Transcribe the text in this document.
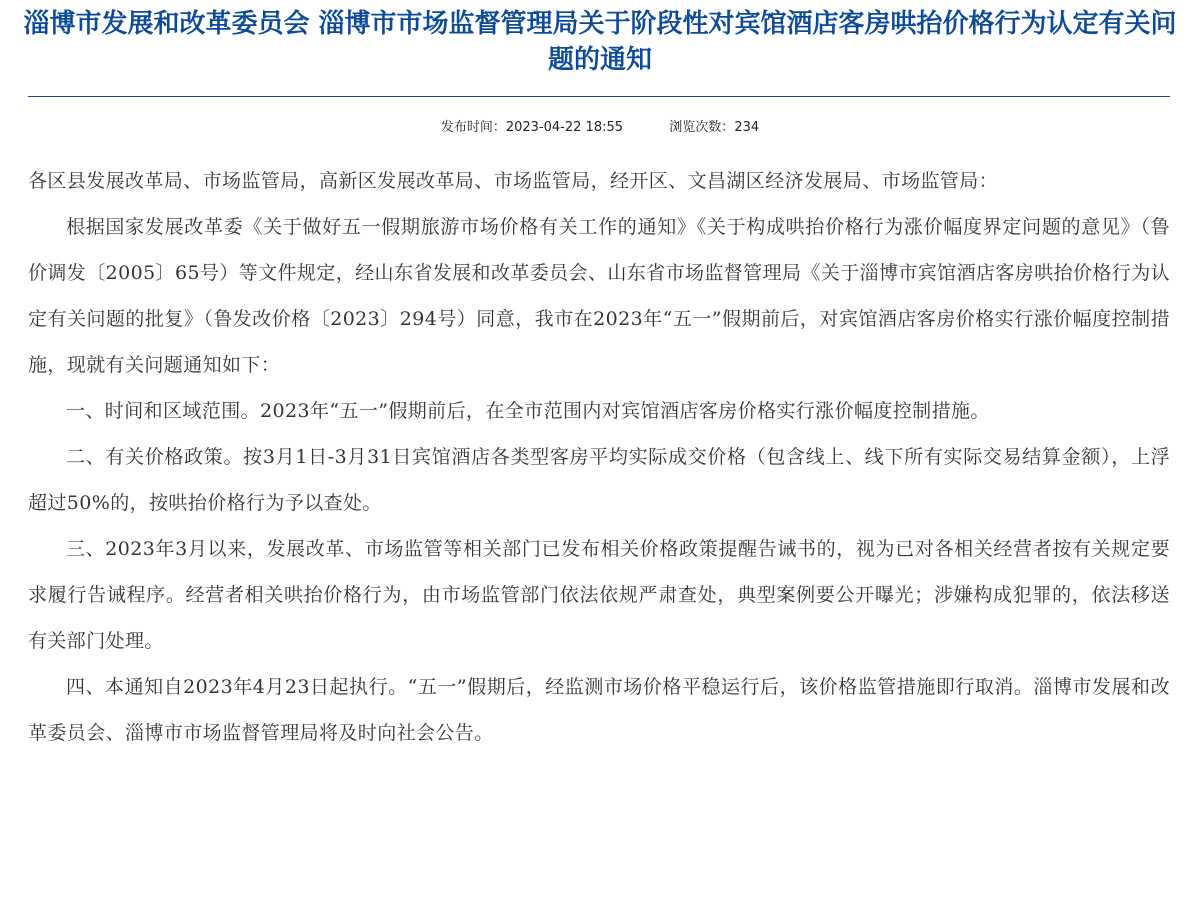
淄博市发展和改革委员会 淄博市市场监督管理局关于阶段性对宾馆酒店客房哄抬价格行为认定有关问题的通知
发布时间：2023-04-22 18:55	浏览次数：234

各区县发展改革局、市场监管局，高新区发展改革局、市场监管局，经开区、文昌湖区经济发展局、市场监管局：

根据国家发展改革委《关于做好五一假期旅游市场价格有关工作的通知》《关于构成哄抬价格行为涨价幅度界定问题的意见》（鲁价调发〔2005〕65号）等文件规定，经山东省发展和改革委员会、山东省市场监督管理局《关于淄博市宾馆酒店客房哄抬价格行为认定有关问题的批复》（鲁发改价格〔2023〕294号）同意，我市在2023年“五一”假期前后，对宾馆酒店客房价格实行涨价幅度控制措施，现就有关问题通知如下：

一、时间和区域范围。2023年“五一”假期前后，在全市范围内对宾馆酒店客房价格实行涨价幅度控制措施。

二、有关价格政策。按3月1日-3月31日宾馆酒店各类型客房平均实际成交价格（包含线上、线下所有实际交易结算金额），上浮超过50%的，按哄抬价格行为予以查处。

三、2023年3月以来，发展改革、市场监管等相关部门已发布相关价格政策提醒告诫书的，视为已对各相关经营者按有关规定要求履行告诫程序。经营者相关哄抬价格行为，由市场监管部门依法依规严肃查处，典型案例要公开曝光；涉嫌构成犯罪的，依法移送有关部门处理。

四、本通知自2023年4月23日起执行。“五一”假期后，经监测市场价格平稳运行后，该价格监管措施即行取消。淄博市发展和改革委员会、淄博市市场监督管理局将及时向社会公告。
